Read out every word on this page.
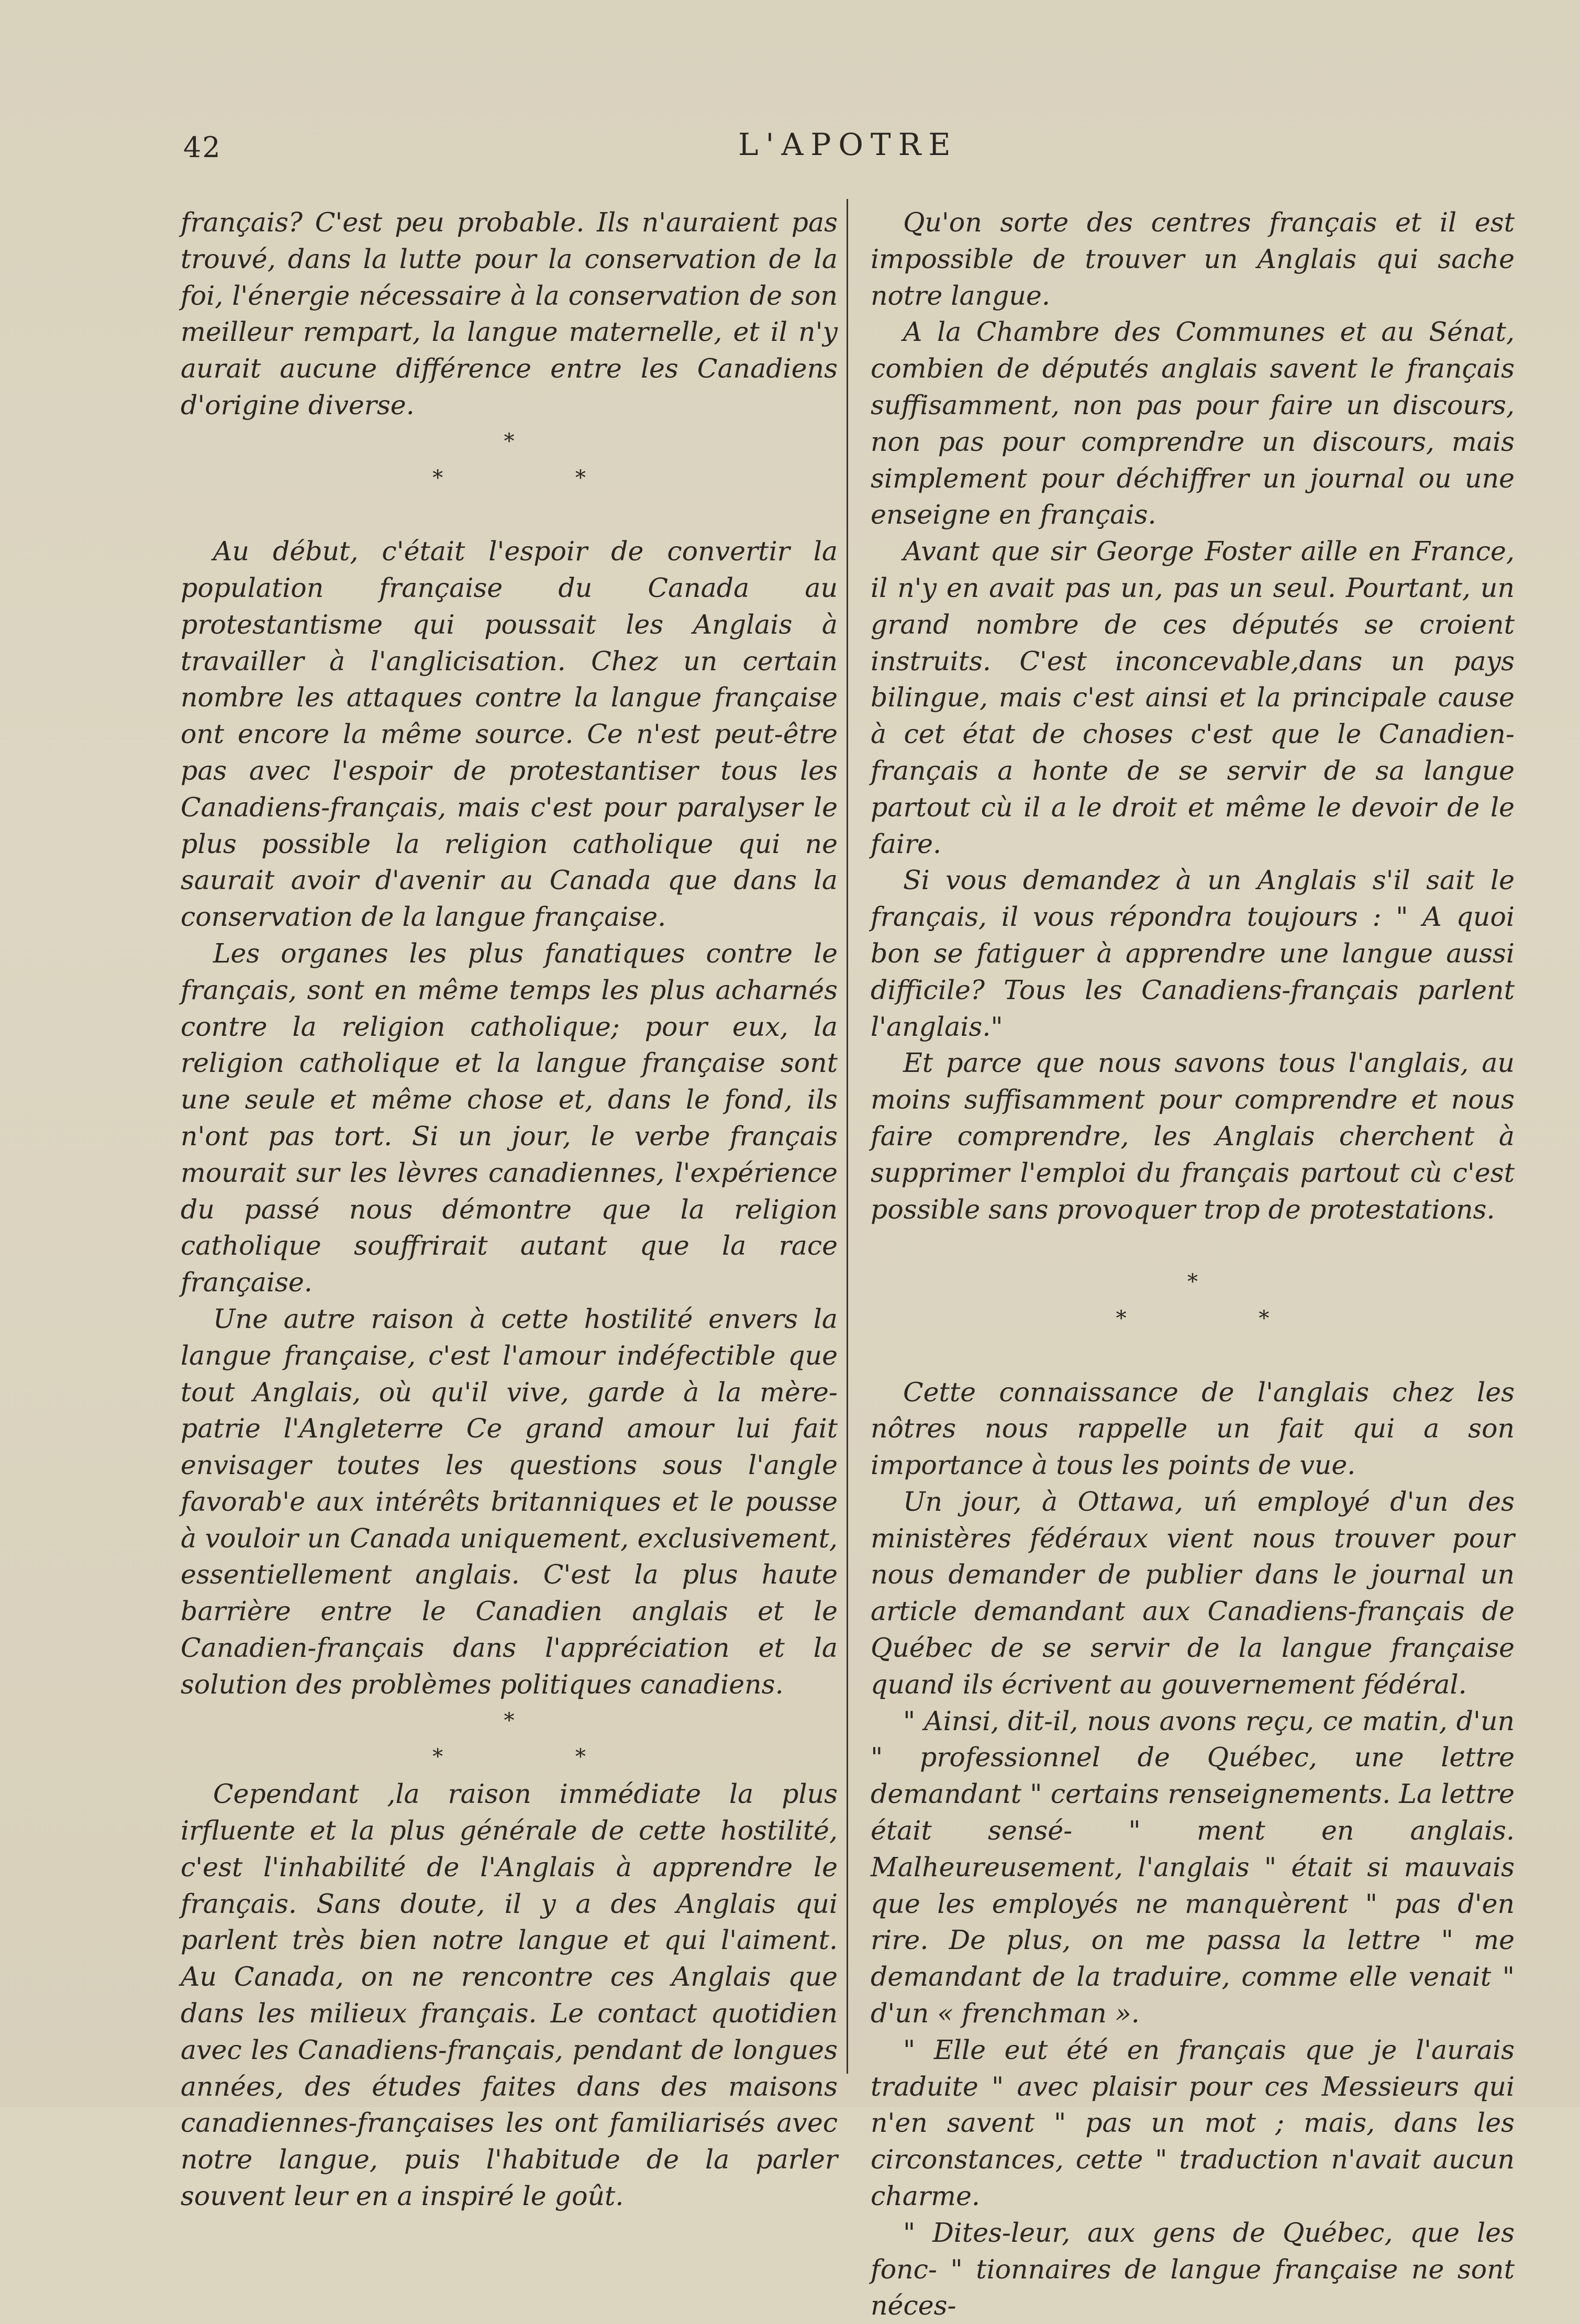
42	L'APOTRE

français? C'est peu probable. Ils n'auraient pas trouvé, dans la lutte pour la conservation de la foi, l'énergie nécessaire à la conservation de son meilleur rempart, la langue maternelle, et il n'y aurait aucune différence entre les Canadiens d'origine diverse.

*
* *

Au début, c'était l'espoir de convertir la population française du Canada au protestantisme qui poussait les Anglais à travailler à l'anglicisation. Chez un certain nombre les attaques contre la langue française ont encore la même source. Ce n'est peut-être pas avec l'espoir de protestantiser tous les Canadiens-français, mais c'est pour paralyser le plus possible la religion catholique qui ne saurait avoir d'avenir au Canada que dans la conservation de la langue française.

Les organes les plus fanatiques contre le français, sont en même temps les plus acharnés contre la religion catholique; pour eux, la religion catholique et la langue française sont une seule et même chose et, dans le fond, ils n'ont pas tort. Si un jour, le verbe français mourait sur les lèvres canadiennes, l'expérience du passé nous démontre que la religion catholique souffrirait autant que la race française.

Une autre raison à cette hostilité envers la langue française, c'est l'amour indéfectible que tout Anglais, où qu'il vive, garde à la mère-patrie l'Angleterre Ce grand amour lui fait envisager toutes les questions sous l'angle favorab'e aux intérêts britanniques et le pousse à vouloir un Canada uniquement, exclusivement, essentiellement anglais. C'est la plus haute barrière entre le Canadien anglais et le Canadien-français dans l'appréciation et la solution des problèmes politiques canadiens.

*
* *

Cependant ,la raison immédiate la plus irfluente et la plus générale de cette hostilité, c'est l'inhabilité de l'Anglais à apprendre le français. Sans doute, il y a des Anglais qui parlent très bien notre langue et qui l'aiment. Au Canada, on ne rencontre ces Anglais que dans les milieux français. Le contact quotidien avec les Canadiens-français, pendant de longues années, des études faites dans des maisons canadiennes-françaises les ont familiarisés avec notre langue, puis l'habitude de la parler souvent leur en a inspiré le goût.

Qu'on sorte des centres français et il est impossible de trouver un Anglais qui sache notre langue.

A la Chambre des Communes et au Sénat, combien de députés anglais savent le français suffisamment, non pas pour faire un discours, non pas pour comprendre un discours, mais simplement pour déchiffrer un journal ou une enseigne en français.

Avant que sir George Foster aille en France, il n'y en avait pas un, pas un seul. Pourtant, un grand nombre de ces députés se croient instruits. C'est inconcevable,dans un pays bilingue, mais c'est ainsi et la principale cause à cet état de choses c'est que le Canadien-français a honte de se servir de sa langue partout cù il a le droit et même le devoir de le faire.

Si vous demandez à un Anglais s'il sait le français, il vous répondra toujours : " A quoi bon se fatiguer à apprendre une langue aussi difficile? Tous les Canadiens-français parlent l'anglais."

Et parce que nous savons tous l'anglais, au moins suffisamment pour comprendre et nous faire comprendre, les Anglais cherchent à supprimer l'emploi du français partout cù c'est possible sans provoquer trop de protestations.

*
* *

Cette connaissance de l'anglais chez les nôtres nous rappelle un fait qui a son importance à tous les points de vue.

Un jour, à Ottawa, uń employé d'un des ministères fédéraux vient nous trouver pour nous demander de publier dans le journal un article demandant aux Canadiens-français de Québec de se servir de la langue française quand ils écrivent au gouvernement fédéral.

" Ainsi, dit-il, nous avons reçu, ce matin, d'un " professionnel de Québec, une lettre demandant " certains renseignements. La lettre était sensé- " ment en anglais. Malheureusement, l'anglais " était si mauvais que les employés ne manquèrent " pas d'en rire. De plus, on me passa la lettre " me demandant de la traduire, comme elle venait " d'un « frenchman ».

" Elle eut été en français que je l'aurais traduite " avec plaisir pour ces Messieurs qui n'en savent " pas un mot ; mais, dans les circonstances, cette " traduction n'avait aucun charme.

" Dites-leur, aux gens de Québec, que les fonc- " tionnaires de langue française ne sont néces-
